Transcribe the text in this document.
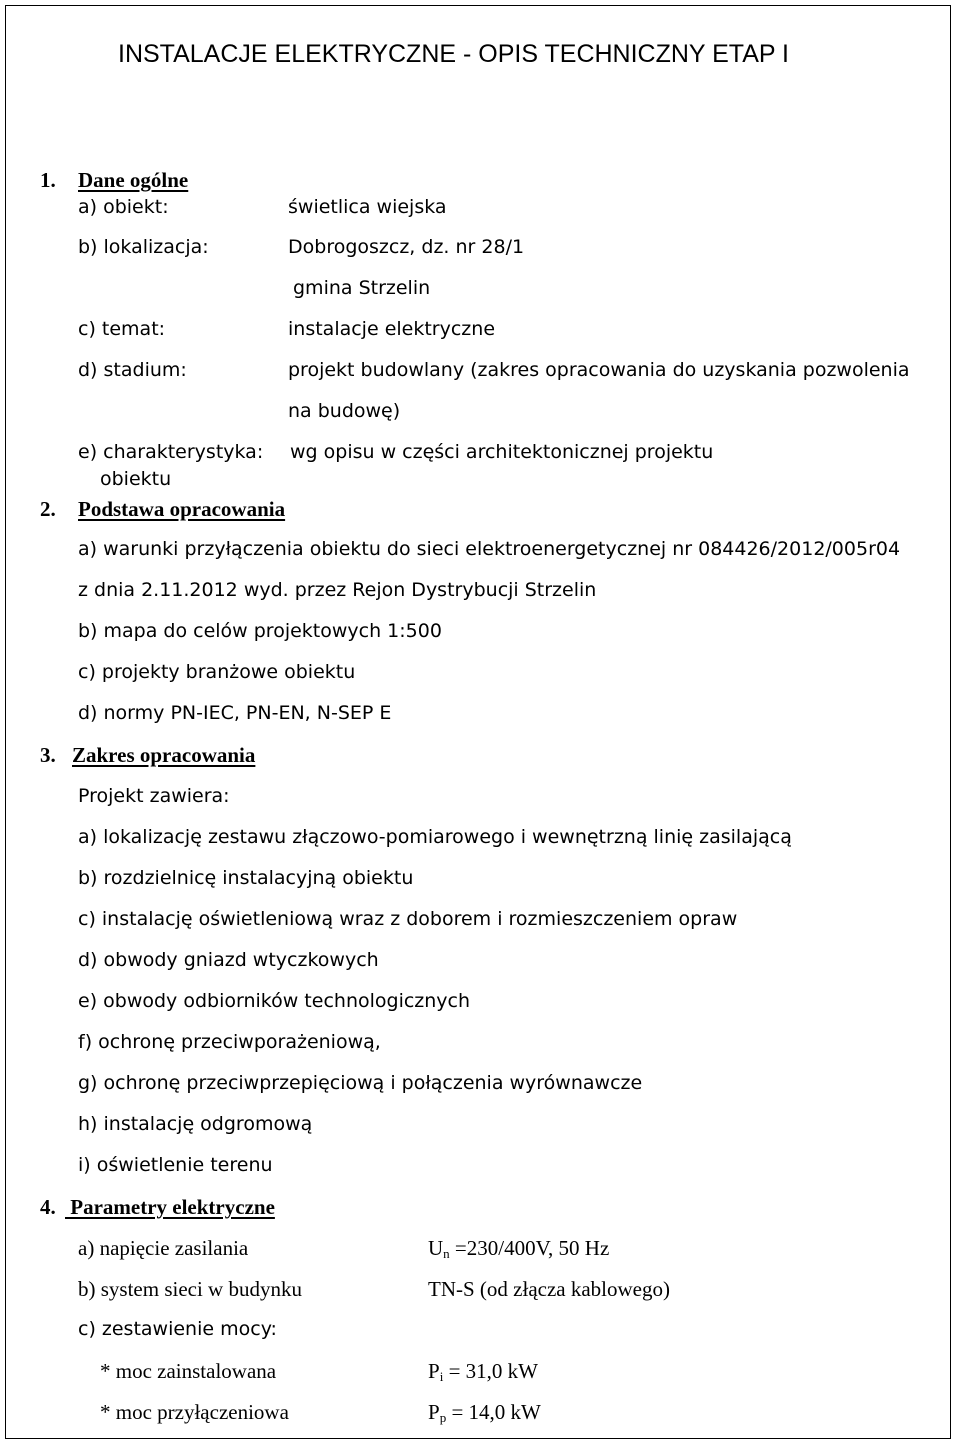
INSTALACJE ELEKTRYCZNE - OPIS TECHNICZNY ETAP I
1. Dane ogólne
a) obiekt:	świetlica wiejska
b) lokalizacja:	Dobrogoszcz, dz. nr 28/1
gmina Strzelin
c) temat:	instalacje elektryczne
d) stadium:	projekt budowlany (zakres opracowania do uzyskania pozwolenia
na budowę)
e) charakterystyka: wg opisu w części architektonicznej projektu
obiektu
2. Podstawa opracowania
a) warunki przyłączenia obiektu do sieci elektroenergetycznej nr 084426/2012/005r04
z dnia 2.11.2012 wyd. przez Rejon Dystrybucji Strzelin
b) mapa do celów projektowych 1:500
c) projekty branżowe obiektu
d) normy PN-IEC, PN-EN, N-SEP E
3. Zakres opracowania
Projekt zawiera:
a) lokalizację zestawu złączowo-pomiarowego i wewnętrzną linię zasilającą
b) rozdzielnicę instalacyjną obiektu
c) instalację oświetleniową wraz z doborem i rozmieszczeniem opraw
d) obwody gniazd wtyczkowych
e) obwody odbiorników technologicznych
f) ochronę przeciwporażeniową,
g) ochronę przeciwprzepięciową i połączenia wyrównawcze
h) instalację odgromową
i) oświetlenie terenu
4. Parametry elektryczne
a) napięcie zasilania	$U_n =230/400V$, 50 Hz
b) system sieci w budynku	TN-S (od złącza kablowego)
c) zestawienie mocy:
* moc zainstalowana	$P_i = 31,0$ kW
* moc przyłączeniowa	$P_p = 14,0$ kW
